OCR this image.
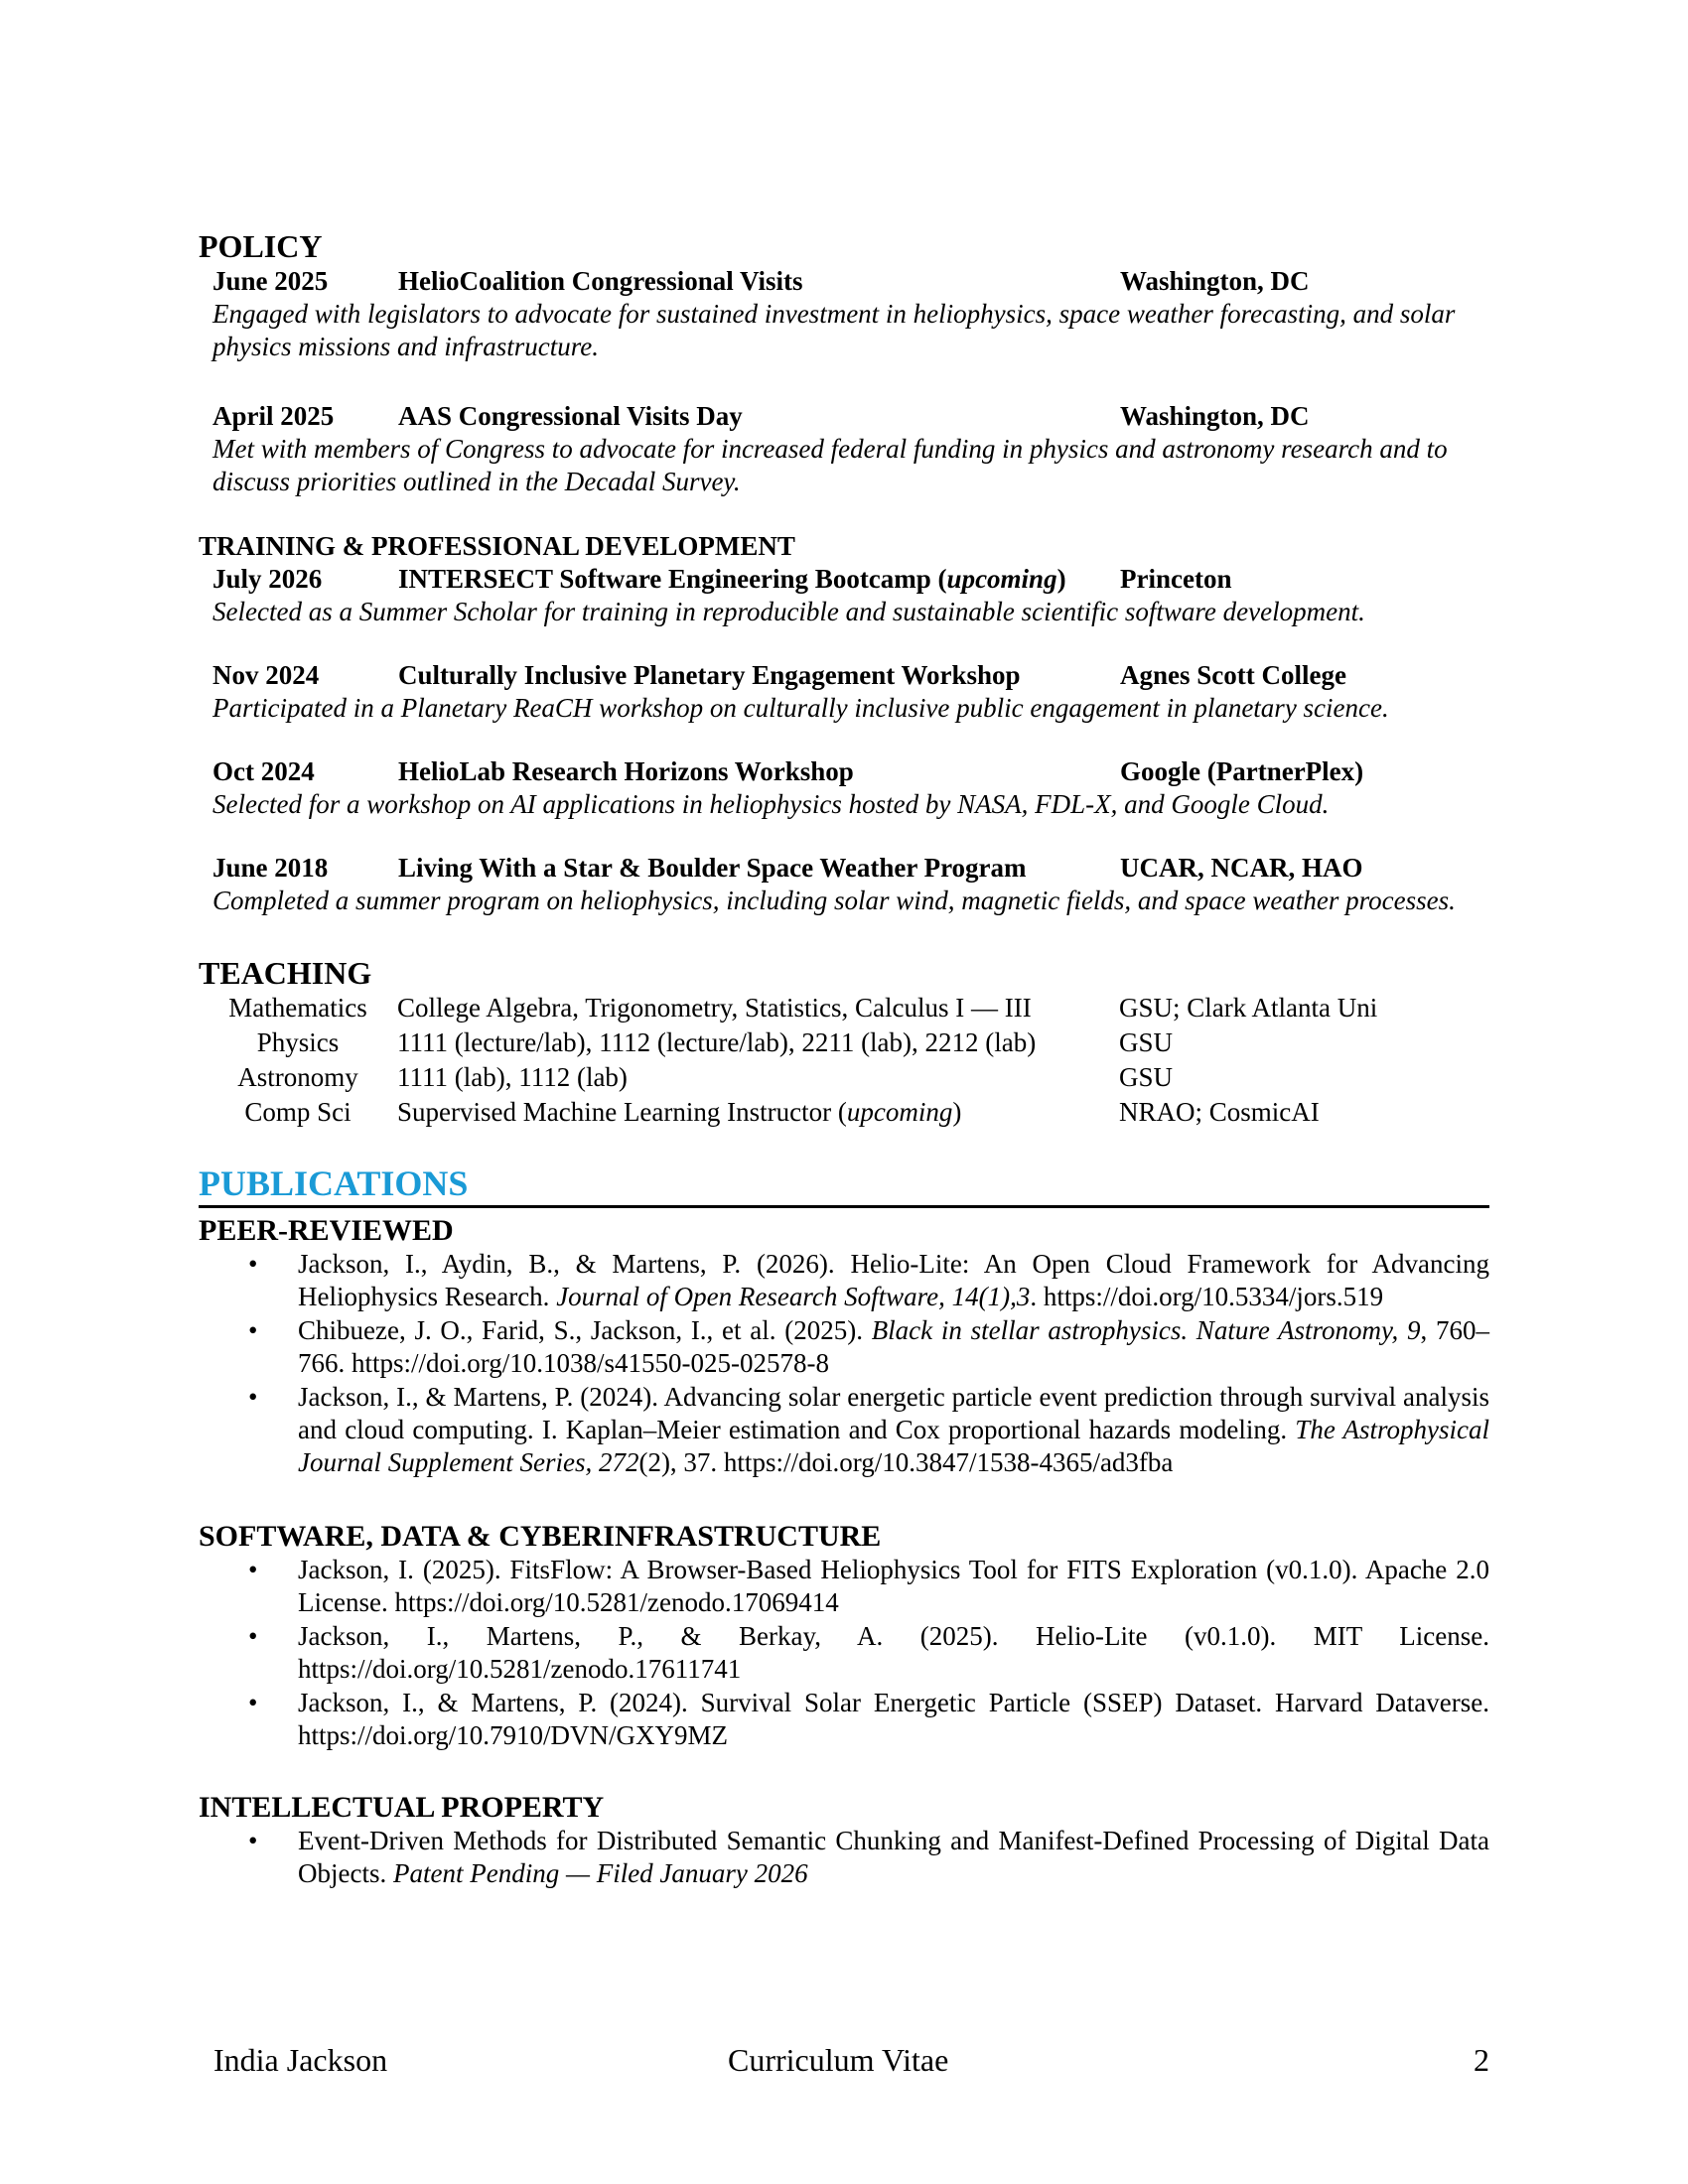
POLICY
June 2025	HelioCoalition Congressional Visits	Washington, DC
Engaged with legislators to advocate for sustained investment in heliophysics, space weather forecasting, and solar physics missions and infrastructure.
April 2025	AAS Congressional Visits Day	Washington, DC
Met with members of Congress to advocate for increased federal funding in physics and astronomy research and to discuss priorities outlined in the Decadal Survey.
TRAINING & PROFESSIONAL DEVELOPMENT
July 2026	INTERSECT Software Engineering Bootcamp (upcoming)	Princeton
Selected as a Summer Scholar for training in reproducible and sustainable scientific software development.
Nov 2024	Culturally Inclusive Planetary Engagement Workshop	Agnes Scott College
Participated in a Planetary ReaCH workshop on culturally inclusive public engagement in planetary science.
Oct 2024	HelioLab Research Horizons Workshop	Google (PartnerPlex)
Selected for a workshop on AI applications in heliophysics hosted by NASA, FDL-X, and Google Cloud.
June 2018	Living With a Star & Boulder Space Weather Program	UCAR, NCAR, HAO
Completed a summer program on heliophysics, including solar wind, magnetic fields, and space weather processes.
TEACHING
Mathematics	College Algebra, Trigonometry, Statistics, Calculus I — III	GSU; Clark Atlanta Uni
Physics	1111 (lecture/lab), 1112 (lecture/lab), 2211 (lab), 2212 (lab)	GSU
Astronomy	1111 (lab), 1112 (lab)	GSU
Comp Sci	Supervised Machine Learning Instructor (upcoming)	NRAO; CosmicAI
PUBLICATIONS
PEER-REVIEWED
• Jackson, I., Aydin, B., & Martens, P. (2026). Helio-Lite: An Open Cloud Framework for Advancing Heliophysics Research. Journal of Open Research Software, 14(1),3. https://doi.org/10.5334/jors.519
• Chibueze, J. O., Farid, S., Jackson, I., et al. (2025). Black in stellar astrophysics. Nature Astronomy, 9, 760–766. https://doi.org/10.1038/s41550-025-02578-8
• Jackson, I., & Martens, P. (2024). Advancing solar energetic particle event prediction through survival analysis and cloud computing. I. Kaplan–Meier estimation and Cox proportional hazards modeling. The Astrophysical Journal Supplement Series, 272(2), 37. https://doi.org/10.3847/1538-4365/ad3fba
SOFTWARE, DATA & CYBERINFRASTRUCTURE
• Jackson, I. (2025). FitsFlow: A Browser-Based Heliophysics Tool for FITS Exploration (v0.1.0). Apache 2.0 License. https://doi.org/10.5281/zenodo.17069414
• Jackson, I., Martens, P., & Berkay, A. (2025). Helio-Lite (v0.1.0). MIT License. https://doi.org/10.5281/zenodo.17611741
• Jackson, I., & Martens, P. (2024). Survival Solar Energetic Particle (SSEP) Dataset. Harvard Dataverse. https://doi.org/10.7910/DVN/GXY9MZ
INTELLECTUAL PROPERTY
• Event-Driven Methods for Distributed Semantic Chunking and Manifest-Defined Processing of Digital Data Objects. Patent Pending — Filed January 2026
India Jackson	Curriculum Vitae	2
